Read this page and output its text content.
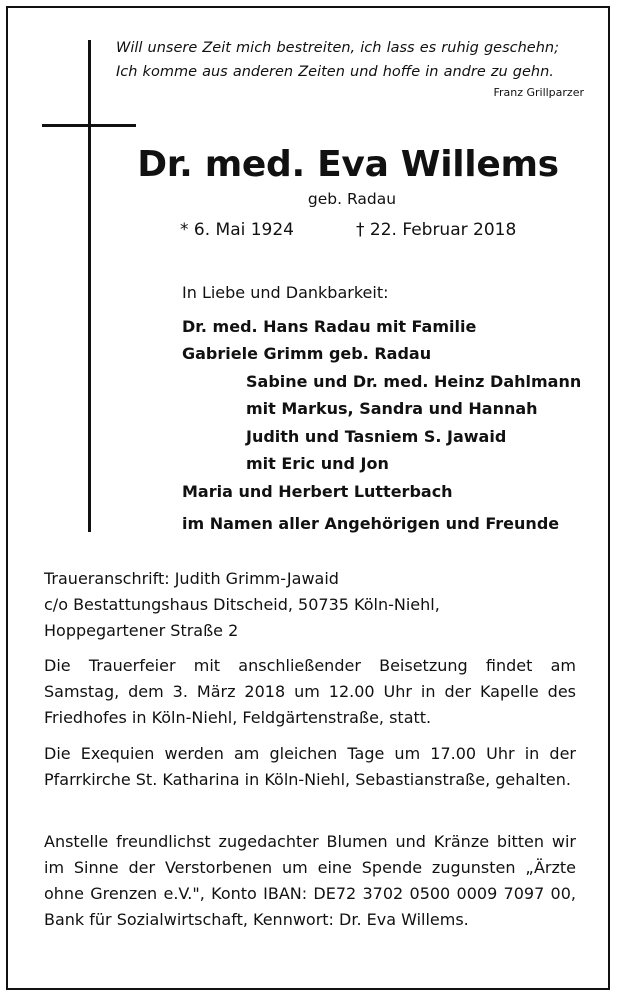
Will unsere Zeit mich bestreiten, ich lass es ruhig geschehn;
Ich komme aus anderen Zeiten und hoffe in andre zu gehn.
Franz Grillparzer
Dr. med. Eva Willems
geb. Radau
* 6. Mai 1924	† 22. Februar 2018
In Liebe und Dankbarkeit:
Dr. med. Hans Radau mit Familie
Gabriele Grimm geb. Radau
Sabine und Dr. med. Heinz Dahlmann
mit Markus, Sandra und Hannah
Judith und Tasniem S. Jawaid
mit Eric und Jon
Maria und Herbert Lutterbach
im Namen aller Angehörigen und Freunde
Traueranschrift: Judith Grimm-Jawaid
c/o Bestattungshaus Ditscheid, 50735 Köln-Niehl,
Hoppegartener Straße 2
Die Trauerfeier mit anschließender Beisetzung findet am Samstag, dem 3. März 2018 um 12.00 Uhr in der Kapelle des Friedhofes in Köln-Niehl, Feldgärtenstraße, statt.
Die Exequien werden am gleichen Tage um 17.00 Uhr in der Pfarrkirche St. Katharina in Köln-Niehl, Sebastianstraße, gehalten.
Anstelle freundlichst zugedachter Blumen und Kränze bitten wir im Sinne der Verstorbenen um eine Spende zugunsten „Ärzte ohne Grenzen e.V.", Konto IBAN: DE72 3702 0500 0009 7097 00, Bank für Sozialwirtschaft, Kennwort: Dr. Eva Willems.
